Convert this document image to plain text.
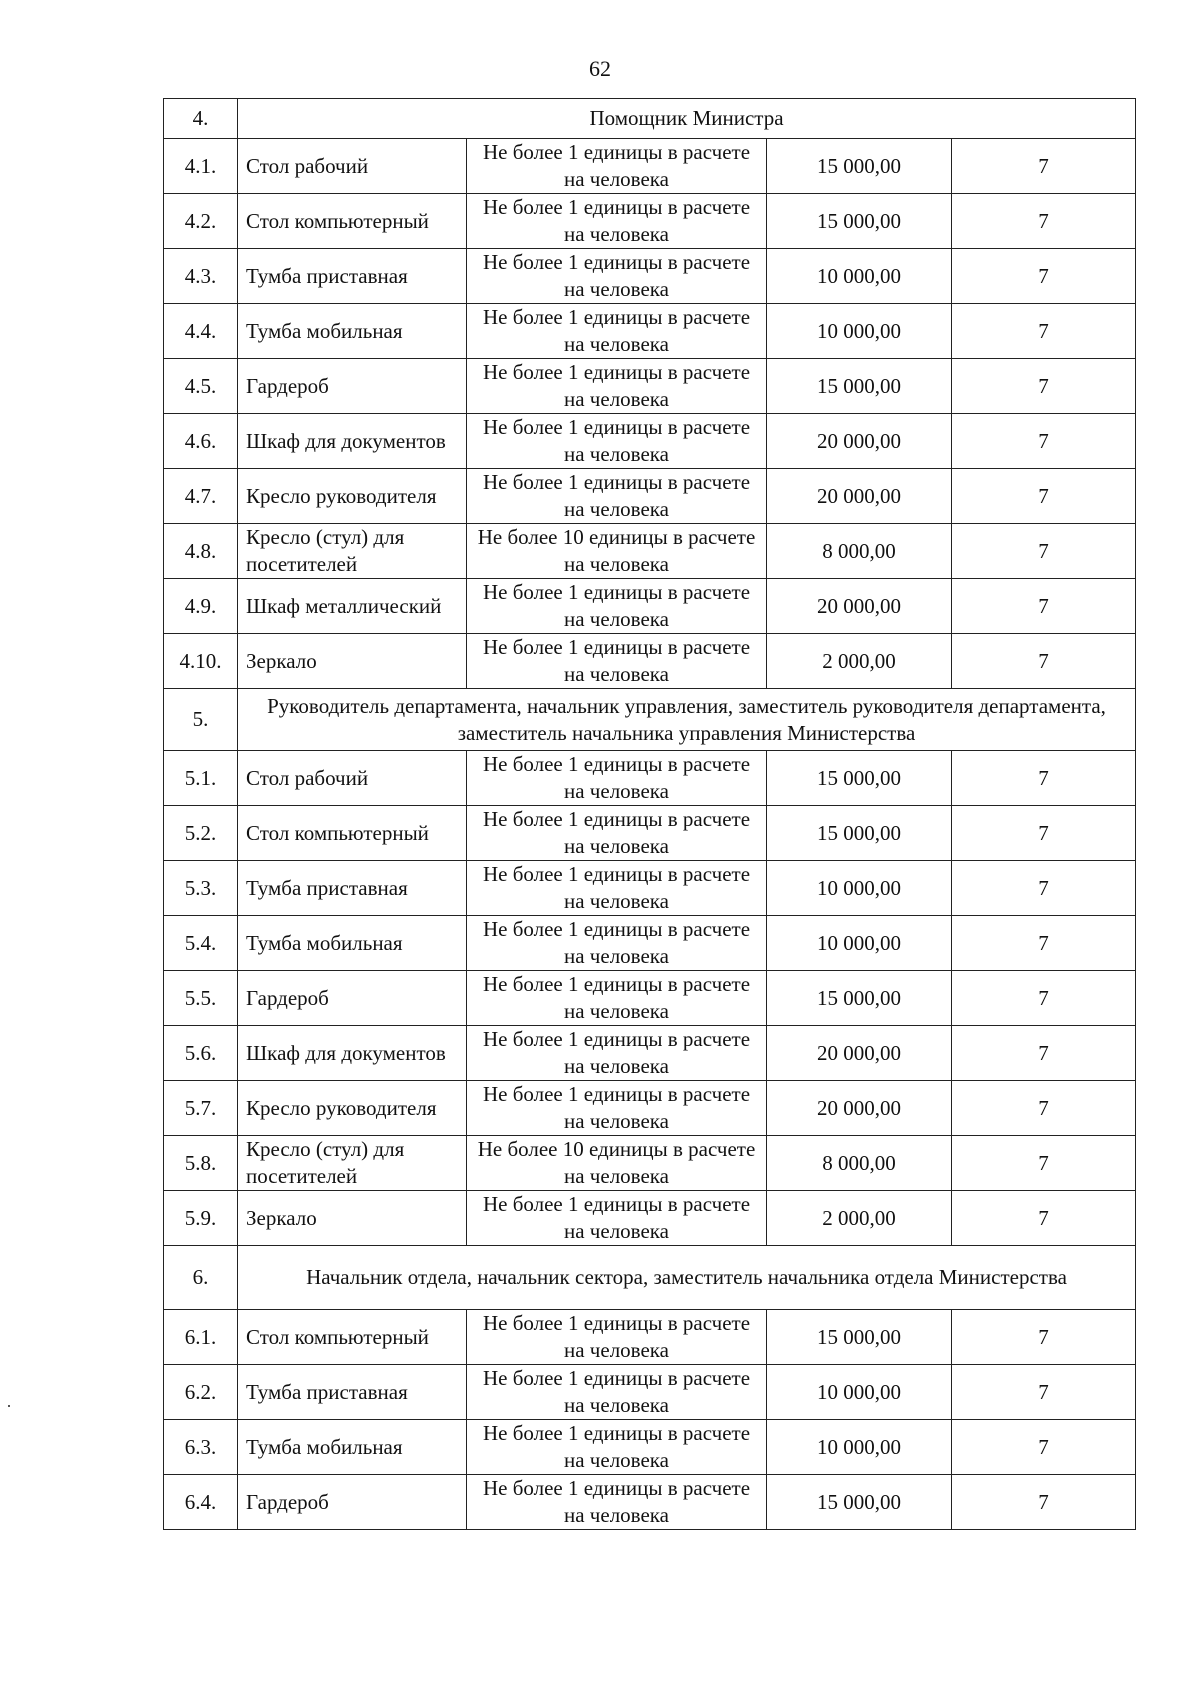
62
4.	Помощник Министра			
4.1.	Стол рабочий	Не более 1 единицы в расчете на человека	15 000,00	7
4.2.	Стол компьютерный	Не более 1 единицы в расчете на человека	15 000,00	7
4.3.	Тумба приставная	Не более 1 единицы в расчете на человека	10 000,00	7
4.4.	Тумба мобильная	Не более 1 единицы в расчете на человека	10 000,00	7
4.5.	Гардероб	Не более 1 единицы в расчете на человека	15 000,00	7
4.6.	Шкаф для документов	Не более 1 единицы в расчете на человека	20 000,00	7
4.7.	Кресло руководителя	Не более 1 единицы в расчете на человека	20 000,00	7
4.8.	Кресло (стул) для посетителей	Не более 10 единицы в расчете на человека	8 000,00	7
4.9.	Шкаф металлический	Не более 1 единицы в расчете на человека	20 000,00	7
4.10.	Зеркало	Не более 1 единицы в расчете на человека	2 000,00	7
5.	Руководитель департамента, начальник управления, заместитель руководителя департамента, заместитель начальника управления Министерства			
5.1.	Стол рабочий	Не более 1 единицы в расчете на человека	15 000,00	7
5.2.	Стол компьютерный	Не более 1 единицы в расчете на человека	15 000,00	7
5.3.	Тумба приставная	Не более 1 единицы в расчете на человека	10 000,00	7
5.4.	Тумба мобильная	Не более 1 единицы в расчете на человека	10 000,00	7
5.5.	Гардероб	Не более 1 единицы в расчете на человека	15 000,00	7
5.6.	Шкаф для документов	Не более 1 единицы в расчете на человека	20 000,00	7
5.7.	Кресло руководителя	Не более 1 единицы в расчете на человека	20 000,00	7
5.8.	Кресло (стул) для посетителей	Не более 10 единицы в расчете на человека	8 000,00	7
5.9.	Зеркало	Не более 1 единицы в расчете на человека	2 000,00	7
6.	Начальник отдела, начальник сектора, заместитель начальника отдела Министерства			
6.1.	Стол компьютерный	Не более 1 единицы в расчете на человека	15 000,00	7
6.2.	Тумба приставная	Не более 1 единицы в расчете на человека	10 000,00	7
6.3.	Тумба мобильная	Не более 1 единицы в расчете на человека	10 000,00	7
6.4.	Гардероб	Не более 1 единицы в расчете на человека	15 000,00	7
